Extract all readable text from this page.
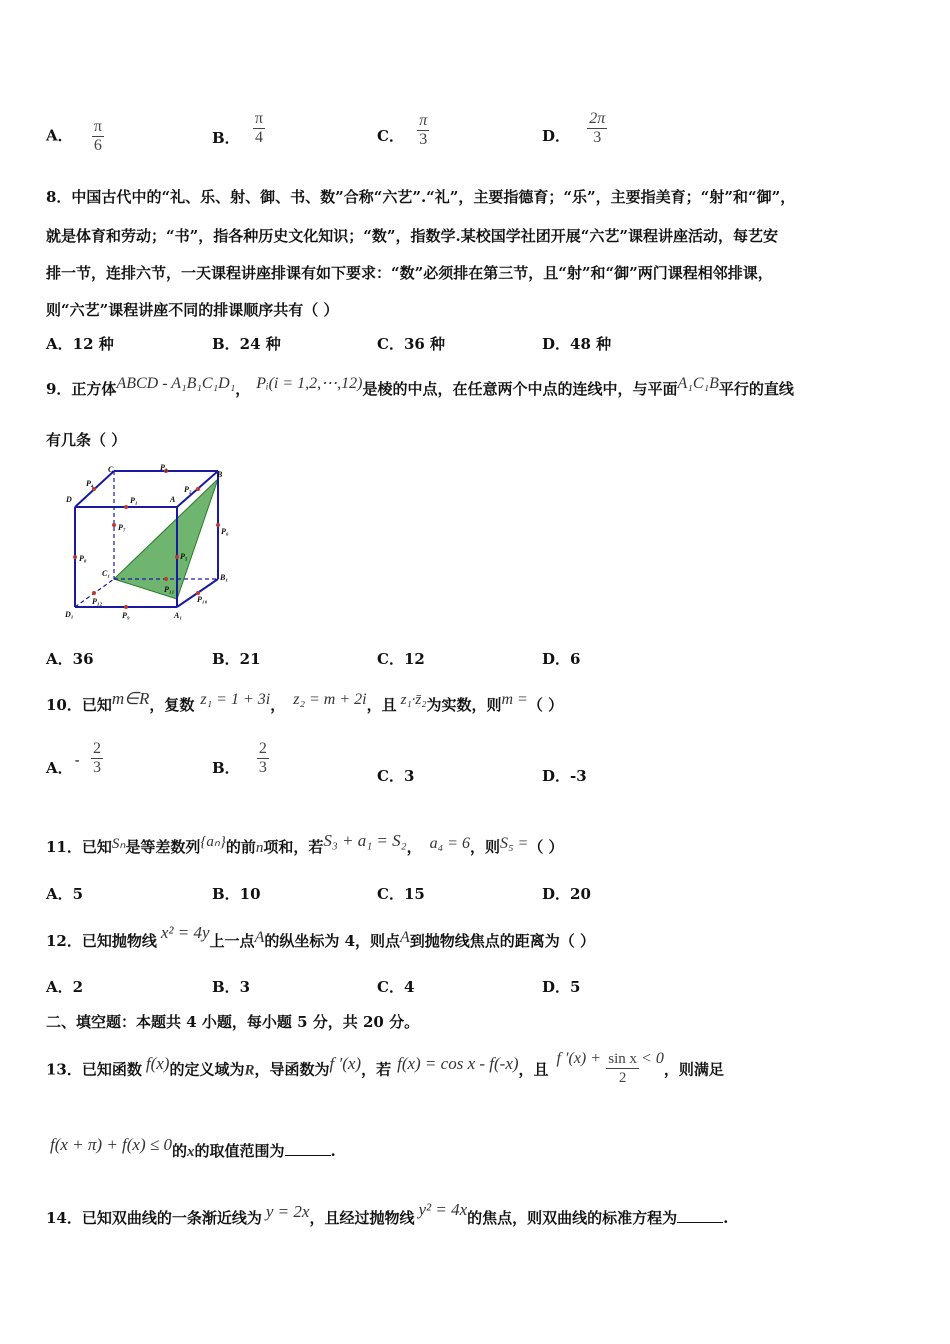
A． $\frac{\pi}{6}$	B． $\frac{\pi}{4}$	C． $\frac{\pi}{3}$	D． $\frac{2\pi}{3}$
8．中国古代中的“礼、乐、射、御、书、数”合称“六艺”.“礼”，主要指德育；“乐”，主要指美育；“射”和“御”，
就是体育和劳动；“书”，指各种历史文化知识；“数”，指数学.某校国学社团开展“六艺”课程讲座活动，每艺安
排一节，连排六节，一天课程讲座排课有如下要求：“数”必须排在第三节，且“射”和“御”两门课程相邻排课，
则“六艺”课程讲座不同的排课顺序共有（ ）
A．12 种	B．24 种	C．36 种	D．48 种
9．正方体ABCD - A₁B₁C₁D₁， Pᵢ(i = 1,2,⋯,12)是棱的中点，在任意两个中点的连线中，与平面A₁C₁B平行的直线
有几条（ ）
C	P₃
B
D
P₄
P₁	A
P₂
P₇	P₆
P₈	P₅
C₁	B₁
P₁₂
P₁₁
P₁₀
D₁	P₉	A₁
A．36	B．21	C．12	D．6
10．已知m∈R，复数 z₁ = 1 + 3i， z₂ = m + 2i，且 z₁·z̄₂为实数，则m =（ ）
A． - $\frac{2}{3}$	B． $\frac{2}{3}$	C．3	D．-3
11．已知Sₙ是等差数列{aₙ}的前n项和，若S₃ + a₁ = S₂， a₄ = 6，则S₅ =（ ）
A．5	B．10	C．15	D．20
12．已知抛物线 x² = 4y上一点A的纵坐标为 4，则点A到抛物线焦点的距离为（ ）
A．2	B．3	C．4	D．5
二、填空题：本题共 4 小题，每小题 5 分，共 20 分。
13．已知函数 f(x)的定义域为R，导函数为f ′(x)，若 f(x) = cos x - f(-x)，且f $'(x) + \frac{\text{sin x}}{2} < 0$，则满足
f(x + π) + f(x) ≤ 0的x的取值范围为	.
14．已知双曲线的一条渐近线为 y = 2x，且经过抛物线 y² = 4x的焦点，则双曲线的标准方程为	.
